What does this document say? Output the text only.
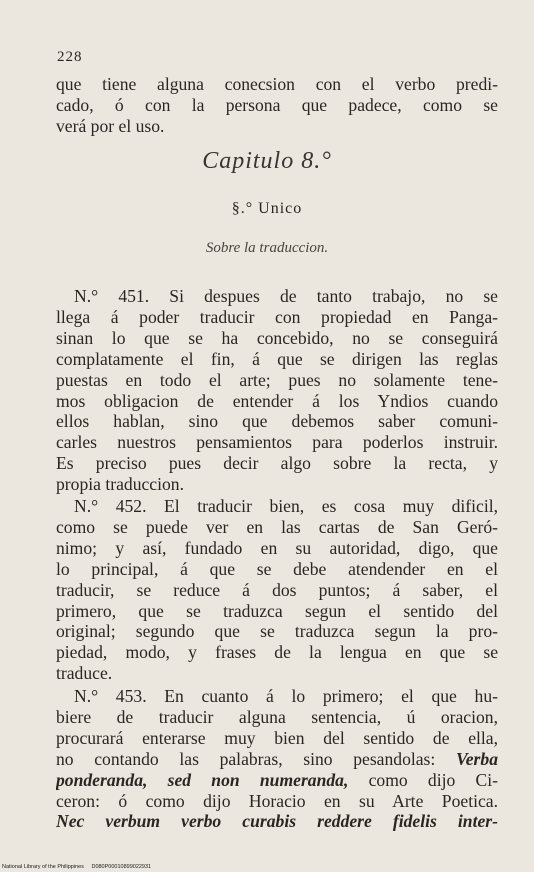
228
que tiene alguna conecsion con el verbo predi-
cado, ó con la persona que padece, como se
verá por el uso.
Capitulo 8.°
§.° Unico
Sobre la traduccion.
N.° 451. Si despues de tanto trabajo, no se
llega á poder traducir con propiedad en Panga-
sinan lo que se ha concebido, no se conseguirá
complatamente el fin, á que se dirigen las reglas
puestas en todo el arte; pues no solamente tene-
mos obligacion de entender á los Yndios cuando
ellos hablan, sino que debemos saber comuni-
carles nuestros pensamientos para poderlos instruir.
Es preciso pues decir algo sobre la recta, y
propia traduccion.
N.° 452. El traducir bien, es cosa muy dificil,
como se puede ver en las cartas de San Geró-
nimo; y así, fundado en su autoridad, digo, que
lo principal, á que se debe atendender en el
traducir, se reduce á dos puntos; á saber, el
primero, que se traduzca segun el sentido del
original; segundo que se traduzca segun la pro-
piedad, modo, y frases de la lengua en que se
traduce.
N.° 453. En cuanto á lo primero; el que hu-
biere de traducir alguna sentencia, ú oracion,
procurará enterarse muy bien del sentido de ella,
no contando las palabras, sino pesandolas: Verba
ponderanda, sed non numeranda, como dijo Ci-
ceron: ó como dijo Horacio en su Arte Poetica.
Nec verbum verbo curabis reddere fidelis inter-
National Library of the Philippines D080P00010899022931
